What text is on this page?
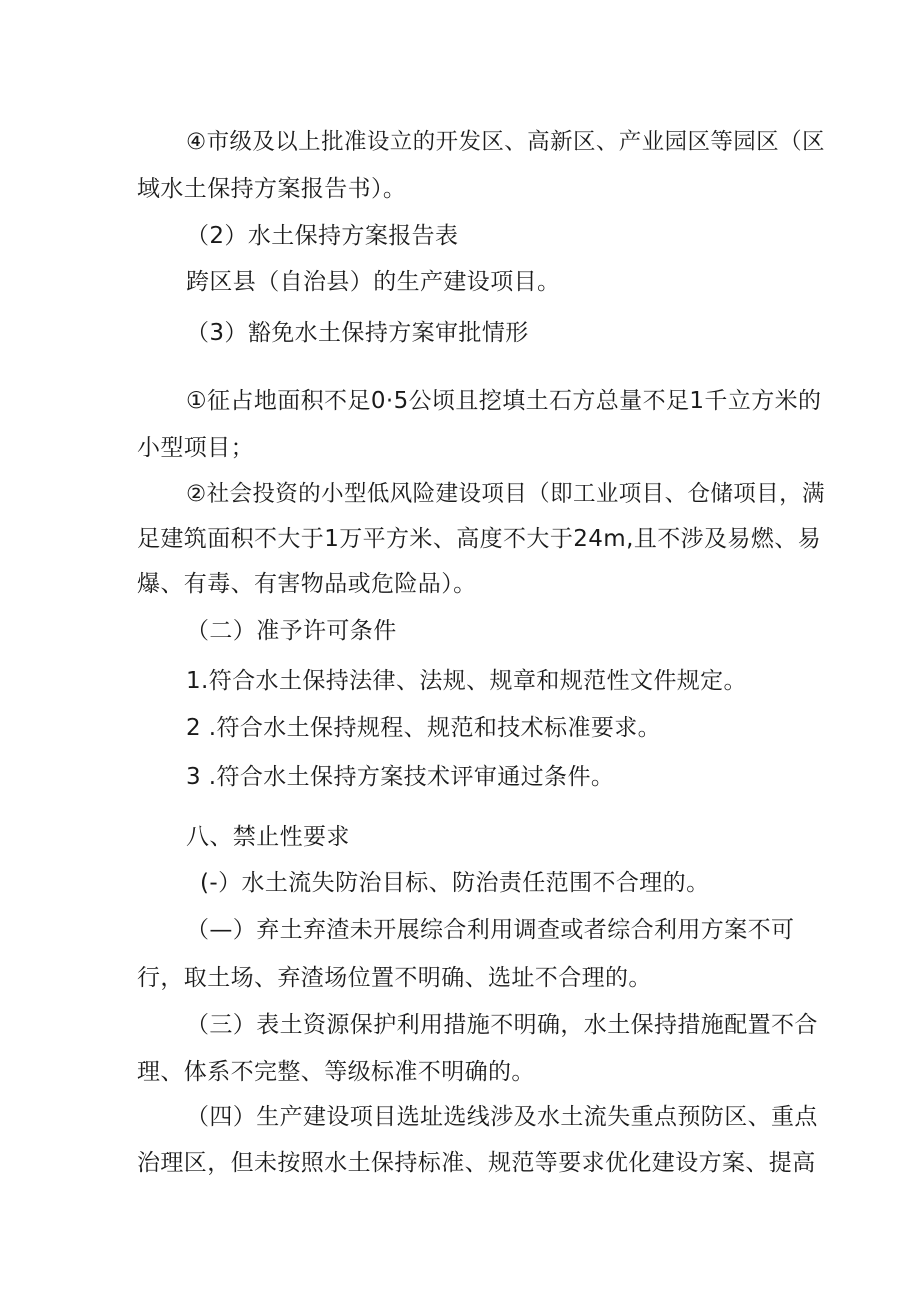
④市级及以上批准设立的开发区、高新区、产业园区等园区（区
域水土保持方案报告书）。
（2）水土保持方案报告表
跨区县（自治县）的生产建设项目。
（3）豁免水土保持方案审批情形
①征占地面积不足0·5公顷且挖填土石方总量不足1千立方米的
小型项目；
②社会投资的小型低风险建设项目（即工业项目、仓储项目，满
足建筑面积不大于1万平方米、高度不大于24m,且不涉及易燃、易
爆、有毒、有害物品或危险品）。
（二）准予许可条件
1.符合水土保持法律、法规、规章和规范性文件规定。
2 .符合水土保持规程、规范和技术标准要求。
3 .符合水土保持方案技术评审通过条件。
八、禁止性要求
(-）水土流失防治目标、防治责任范围不合理的。
（—）弃土弃渣未开展综合利用调查或者综合利用方案不可
行，取土场、弃渣场位置不明确、选址不合理的。
（三）表土资源保护利用措施不明确，水土保持措施配置不合
理、体系不完整、等级标准不明确的。
（四）生产建设项目选址选线涉及水土流失重点预防区、重点
治理区，但未按照水土保持标准、规范等要求优化建设方案、提高
